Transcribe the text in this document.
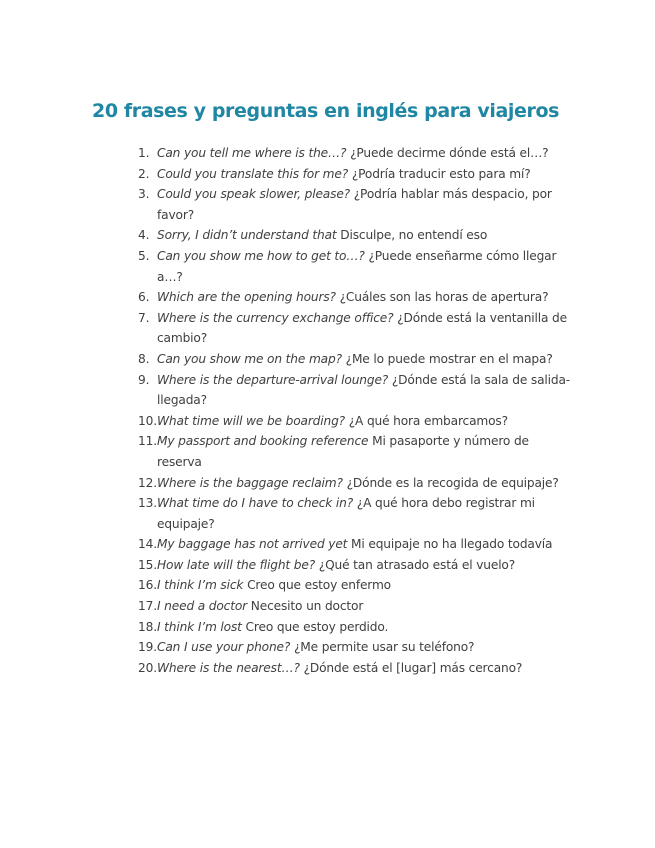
20 frases y preguntas en inglés para viajeros
1. Can you tell me where is the…? ¿Puede decirme dónde está el…?
2. Could you translate this for me? ¿Podría traducir esto para mí?
3. Could you speak slower, please? ¿Podría hablar más despacio, por favor?
4. Sorry, I didn’t understand that Disculpe, no entendí eso
5. Can you show me how to get to…? ¿Puede enseñarme cómo llegar a…?
6. Which are the opening hours? ¿Cuáles son las horas de apertura?
7. Where is the currency exchange office? ¿Dónde está la ventanilla de cambio?
8. Can you show me on the map? ¿Me lo puede mostrar en el mapa?
9. Where is the departure-arrival lounge? ¿Dónde está la sala de salida-llegada?
10. What time will we be boarding? ¿A qué hora embarcamos?
11. My passport and booking reference Mi pasaporte y número de reserva
12. Where is the baggage reclaim? ¿Dónde es la recogida de equipaje?
13. What time do I have to check in? ¿A qué hora debo registrar mi equipaje?
14. My baggage has not arrived yet Mi equipaje no ha llegado todavía
15. How late will the flight be? ¿Qué tan atrasado está el vuelo?
16. I think I’m sick Creo que estoy enfermo
17. I need a doctor Necesito un doctor
18. I think I’m lost Creo que estoy perdido.
19. Can I use your phone? ¿Me permite usar su teléfono?
20. Where is the nearest…? ¿Dónde está el [lugar] más cercano?
